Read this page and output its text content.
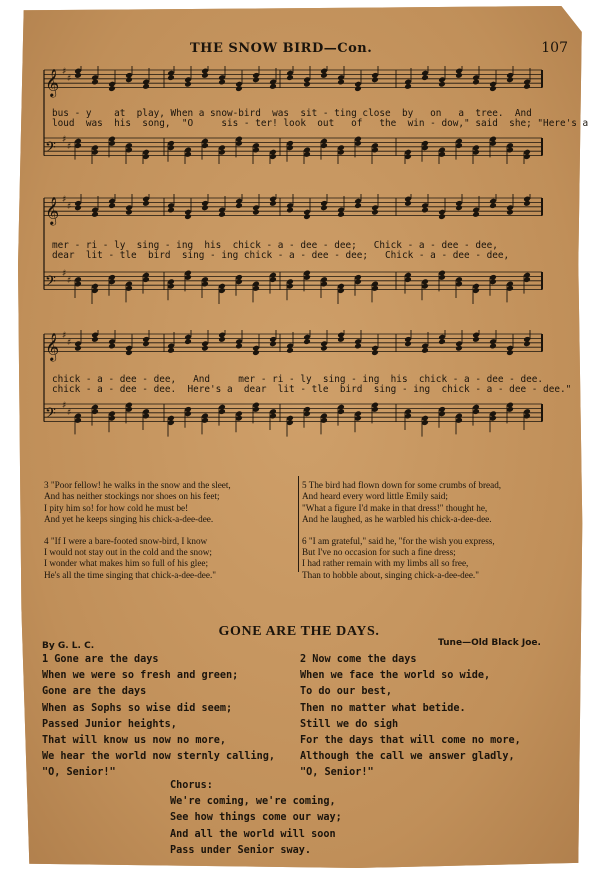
THE SNOW BIRD—Con.	107
𝄞 ♯
♯
𝄢 ♯
♯
bus - y    at  play, When a snow-bird  was  sit - ting close  by   on   a  tree.  And
loud  was  his  song,  "O     sis - ter! look  out   of   the  win - dow," said  she; "Here's a
𝄞 ♯
♯
𝄢 ♯
♯
mer - ri - ly  sing - ing  his  chick - a - dee - dee;   Chick - a - dee - dee,
dear  lit - tle  bird  sing - ing chick - a - dee - dee;   Chick - a - dee - dee,
𝄞 ♯
♯
𝄢 ♯
♯
chick - a - dee - dee,   And     mer - ri - ly  sing - ing  his  chick - a - dee - dee.
chick - a - dee - dee.  Here's a  dear  lit - tle  bird  sing - ing  chick - a - dee - dee."
3 "Poor fellow! he walks in the snow and the sleet,
And has neither stockings nor shoes on his feet;
I pity him so! for how cold he must be!
And yet he keeps singing his chick-a-dee-dee.
4 "If I were a bare-footed snow-bird, I know
I would not stay out in the cold and the snow;
I wonder what makes him so full of his glee;
He's all the time singing that chick-a-dee-dee."
5 The bird had flown down for some crumbs of bread,
And heard every word little Emily said;
"What a figure I'd make in that dress!" thought he,
And he laughed, as he warbled his chick-a-dee-dee.
6 "I am grateful," said he, "for the wish you express,
But I've no occasion for such a fine dress;
I had rather remain with my limbs all so free,
Than to hobble about, singing chick-a-dee-dee."
GONE ARE THE DAYS.
By G. L. C.	Tune—Old Black Joe.
1 Gone are the days
When we were so fresh and green;
Gone are the days
When as Sophs so wise did seem;
Passed Junior heights,
That will know us now no more,
We hear the world now sternly calling,
"O, Senior!"
2 Now come the days
When we face the world so wide,
To do our best,
Then no matter what betide.
Still we do sigh
For the days that will come no more,
Although the call we answer gladly,
"O, Senior!"
Chorus:
We're coming, we're coming,
See how things come our way;
And all the world will soon
Pass under Senior sway.
